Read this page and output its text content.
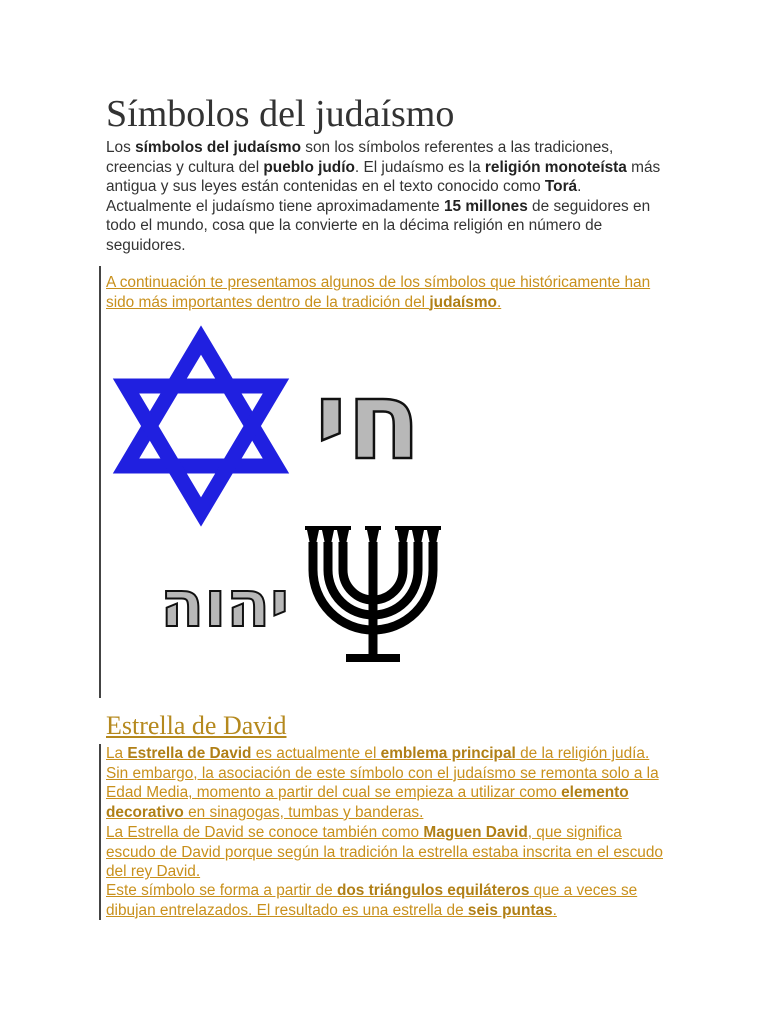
Símbolos del judaísmo

Los símbolos del judaísmo son los símbolos referentes a las tradiciones, creencias y cultura del pueblo judío. El judaísmo es la religión monoteísta más antigua y sus leyes están contenidas en el texto conocido como Torá. Actualmente el judaísmo tiene aproximadamente 15 millones de seguidores en todo el mundo, cosa que la convierte en la décima religión en número de seguidores.

A continuación te presentamos algunos de los símbolos que históricamente han sido más importantes dentro de la tradición del judaísmo.

חי
יהוה
Estrella de David

La Estrella de David es actualmente el emblema principal de la religión judía. Sin embargo, la asociación de este símbolo con el judaísmo se remonta solo a la Edad Media, momento a partir del cual se empieza a utilizar como elemento decorativo en sinagogas, tumbas y banderas.

La Estrella de David se conoce también como Maguen David, que significa escudo de David porque según la tradición la estrella estaba inscrita en el escudo del rey David.

Este símbolo se forma a partir de dos triángulos equiláteros que a veces se dibujan entrelazados. El resultado es una estrella de seis puntas.
